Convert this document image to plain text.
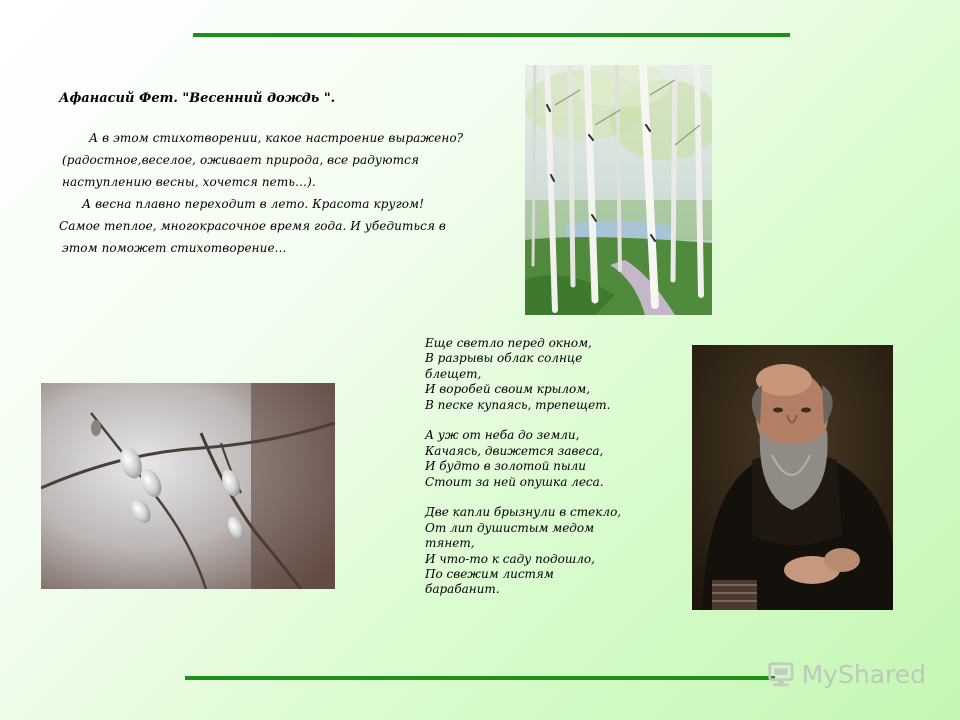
Афанасий Фет. "Весенний дождь ".
А в этом стихотворении, какое настроение выражено?
(радостное,веселое, оживает природа, все радуются
наступлению весны, хочется петь…).
А весна плавно переходит в лето. Красота кругом!
Самое теплое, многокрасочное время года. И убедиться в
этом поможет стихотворение...
Еще светло перед окном,
В разрывы облак солнце
блещет,
И воробей своим крылом,
В песке купаясь, трепещет.
А уж от неба до земли,
Качаясь, движется завеса,
И будто в золотой пыли
Стоит за ней опушка леса.
Две капли брызнули в стекло,
От лип душистым медом
тянет,
И что-то к саду подошло,
По свежим листям
барабанит.
MyShared
